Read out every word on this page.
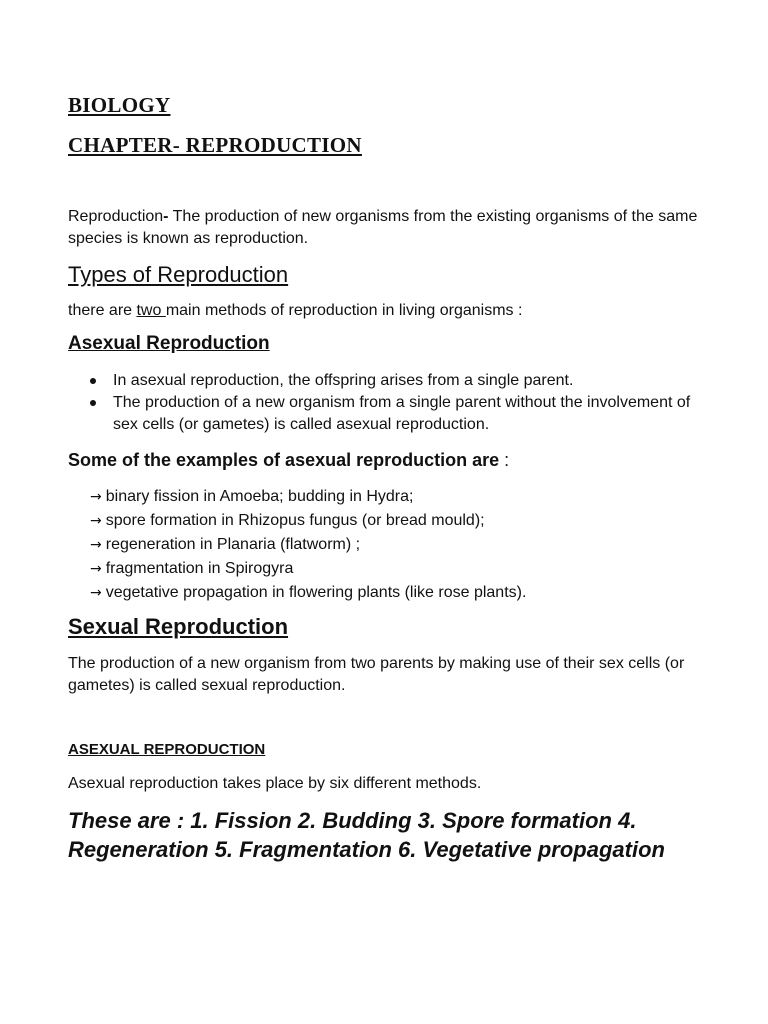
BIOLOGY
CHAPTER- REPRODUCTION

Reproduction- The production of new organisms from the existing organisms of the same species is known as reproduction.

Types of Reproduction

there are two main methods of reproduction in living organisms :

Asexual Reproduction
In asexual reproduction, the offspring arises from a single parent.
The production of a new organism from a single parent without the involvement of sex cells (or gametes) is called asexual reproduction.

Some of the examples of asexual reproduction are :

→ binary fission in Amoeba; budding in Hydra;
→ spore formation in Rhizopus fungus (or bread mould);
→ regeneration in Planaria (flatworm) ;
→ fragmentation in Spirogyra
→ vegetative propagation in flowering plants (like rose plants).
Sexual Reproduction

The production of a new organism from two parents by making use of their sex cells (or gametes) is called sexual reproduction.

ASEXUAL REPRODUCTION

Asexual reproduction takes place by six different methods.

These are : 1. Fission 2. Budding 3. Spore formation 4. Regeneration 5. Fragmentation 6. Vegetative propagation
